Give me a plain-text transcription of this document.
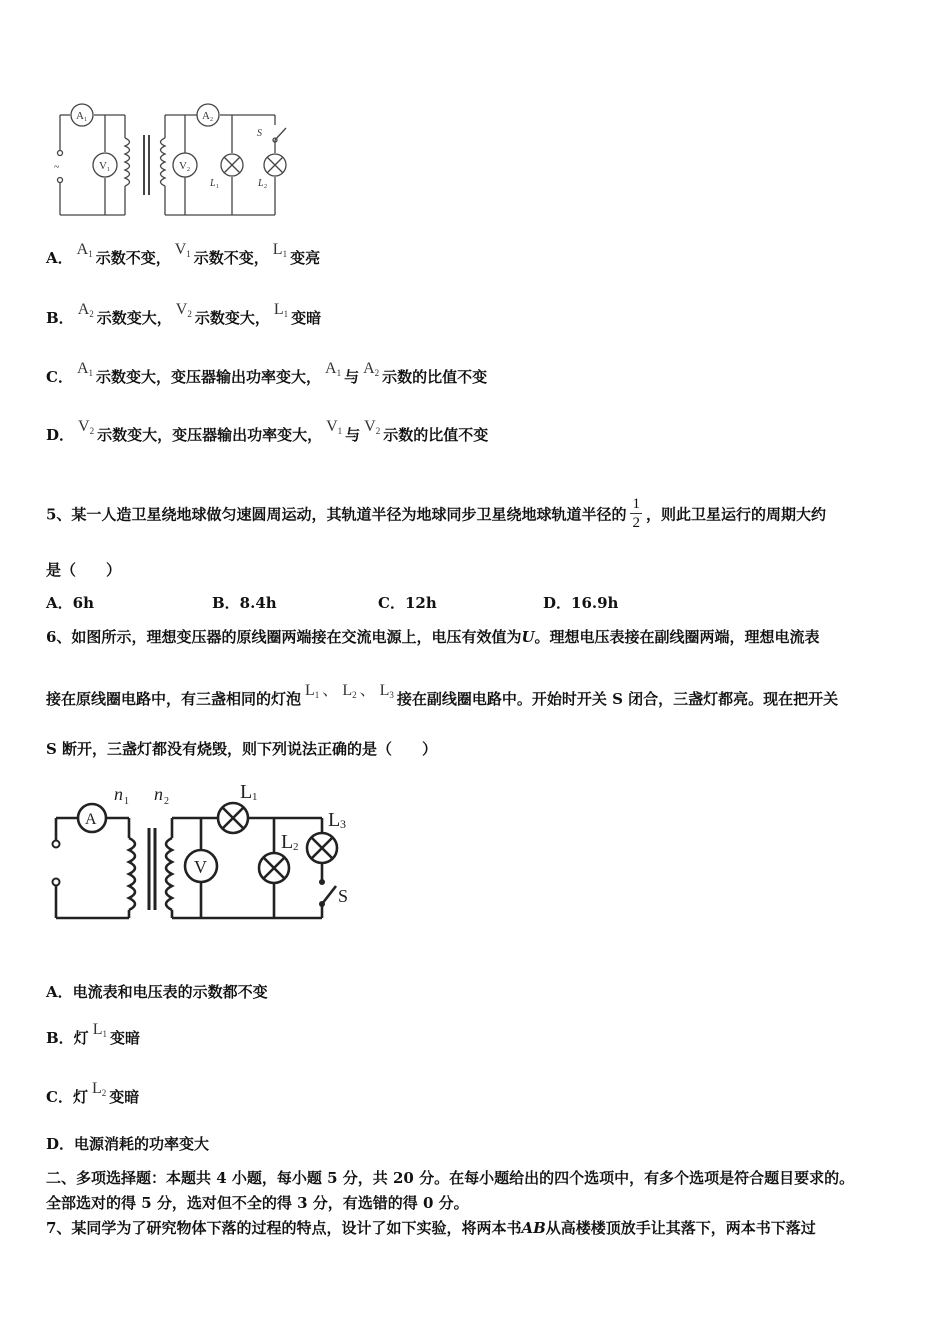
A 1
V 1
A 2
V 2
~
S
L 1	L 2
A． $A_1$ 示数不变， $V_1$ 示数不变， $L_1$ 变亮
B． $A_2$ 示数变大， $V_2$ 示数变大， $L_1$ 变暗
C． $A_1$ 示数变大，变压器输出功率变大， $A_1$ 与 $A_2$ 示数的比值不变
D． $V_2$ 示数变大，变压器输出功率变大， $V_1$ 与 $V_2$ 示数的比值不变
5、某一人造卫星绕地球做匀速圆周运动，其轨道半径为地球同步卫星绕地球轨道半径的 $\frac{1}{2}$ ，则此卫星运行的周期大约
是（　　）
A．6h	B．8.4h	C．12h	D．16.9h
6、如图所示，理想变压器的原线圈两端接在交流电源上，电压有效值为U。理想电压表接在副线圈两端，理想电流表
接在原线圈电路中，有三盏相同的灯泡 $L_1$ 、 $L_2$ 、 $L_3$ 接在副线圈电路中。开始时开关 S 闭合，三盏灯都亮。现在把开关
S 断开，三盏灯都没有烧毁，则下列说法正确的是（　　）
A
V
n 1 n 2	L 1
L 2
L 3
S
A．电流表和电压表的示数都不变
B．灯 $L_1$ 变暗
C．灯 $L_2$ 变暗
D．电源消耗的功率变大
二、多项选择题：本题共 4 小题，每小题 5 分，共 20 分。在每小题给出的四个选项中，有多个选项是符合题目要求的。
全部选对的得 5 分，选对但不全的得 3 分，有选错的得 0 分。
7、某同学为了研究物体下落的过程的特点，设计了如下实验，将两本书AB从高楼楼顶放手让其落下，两本书下落过
